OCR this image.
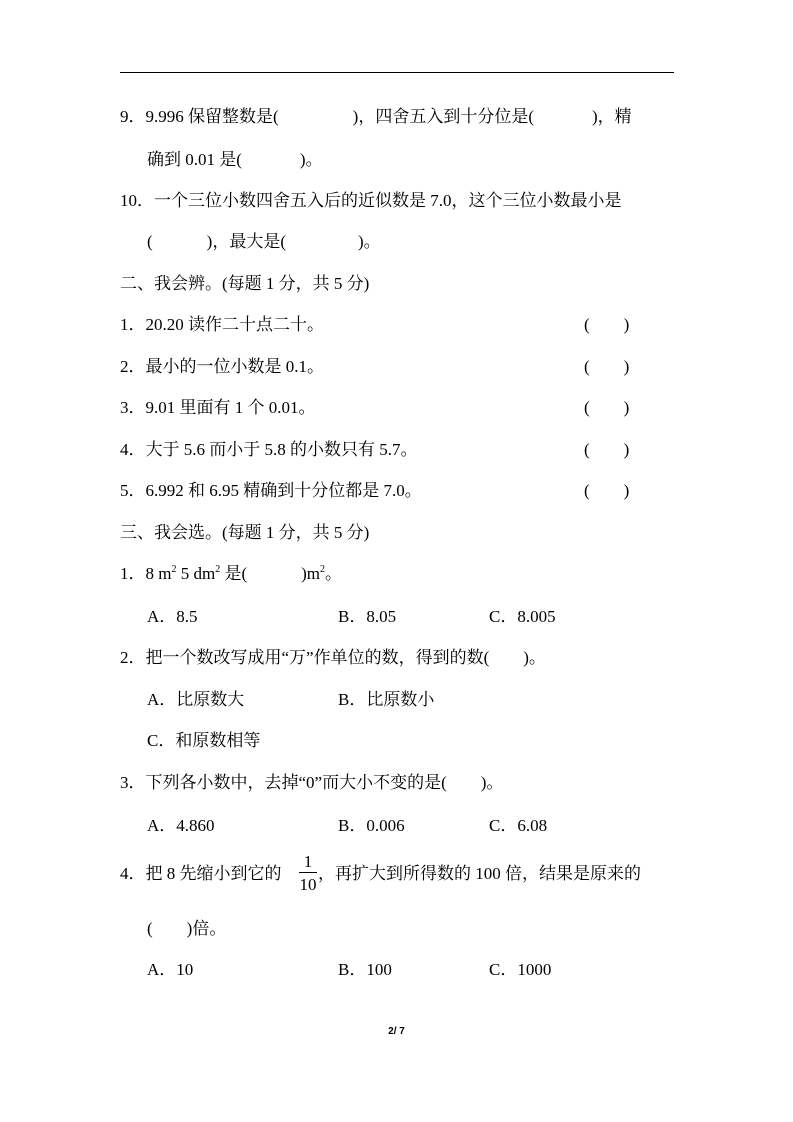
9．9.996 保留整数是(	)，四舍五入到十分位是(	)，精
确到 0.01 是(	)。
10．一个三位小数四舍五入后的近似数是 7.0，这个三位小数最小是
(	)，最大是(	)。
二、我会辨。(每题 1 分，共 5 分)
1．20.20 读作二十点二十。	(　　)
2．最小的一位小数是 0.1。	(　　)
3．9.01 里面有 1 个 0.01。	(　　)
4．大于 5.6 而小于 5.8 的小数只有 5.7。	(　　)
5．6.992 和 6.95 精确到十分位都是 7.0。	(　　)
三、我会选。(每题 1 分，共 5 分)
1．8 $m^2$ 5 $dm^2$ 是(	)$m^2$。
A．8.5	B．8.05	C．8.005
2．把一个数改写成用“万”作单位的数，得到的数(　　)。
A．比原数大	B．比原数小
C．和原数相等
3．下列各小数中，去掉“0”而大小不变的是(　　)。
A．4.860	B．0.006	C．6.08
4．把 8 先缩小到它的
1
10
，再扩大到所得数的 100 倍，结果是原来的
(　　)倍。
A．10	B．100	C．1000
2/ 7
